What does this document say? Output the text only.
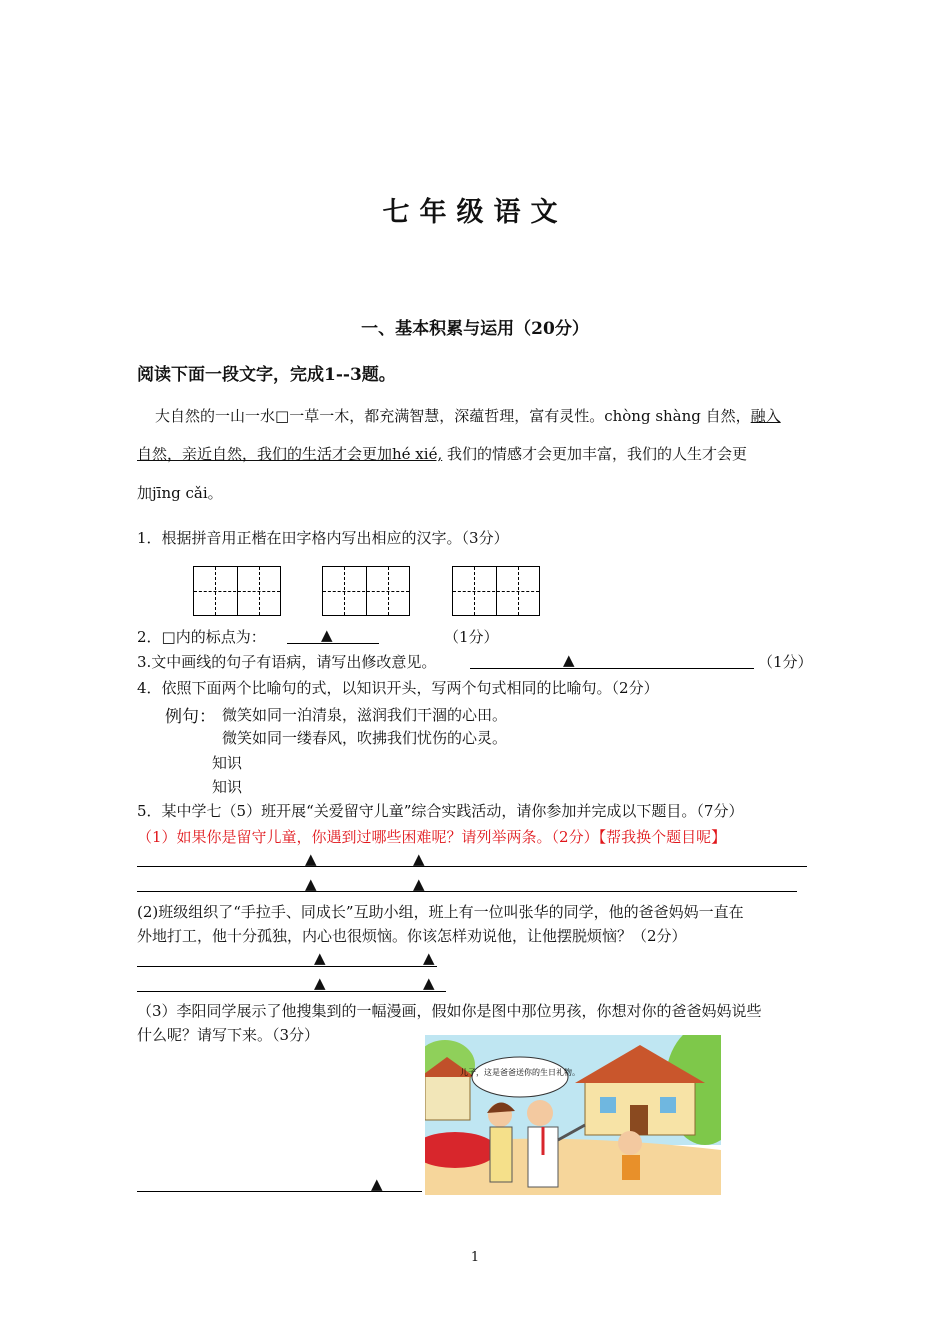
七年级语文
一、基本积累与运用（20分）
阅读下面一段文字，完成1--3题。
大自然的一山一水□一草一木，都充满智慧，深蕴哲理，富有灵性。chòng shàng 自然，融入
自然，亲近自然，我们的生活才会更加hé xié, 我们的情感才会更加丰富，我们的人生才会更
加jīng cǎi。
1．根据拼音用正楷在田字格内写出相应的汉字。（3分）
2．□内的标点为：	▲	（1分）
3.文中画线的句子有语病，请写出修改意见。	▲	（1分）
4．依照下面两个比喻句的式，以知识开头，写两个句式相同的比喻句。（2分）
例句： 微笑如同一泊清泉，滋润我们干涸的心田。
微笑如同一缕春风，吹拂我们忧伤的心灵。
知识
知识
5．某中学七（5）班开展“关爱留守儿童”综合实践活动，请你参加并完成以下题目。（7分）
（1）如果你是留守儿童，你遇到过哪些困难呢？请列举两条。（2分）【帮我换个题目呢】
▲	▲
▲	▲
(2)班级组织了“手拉手、同成长”互助小组，班上有一位叫张华的同学，他的爸爸妈妈一直在
外地打工，他十分孤独，内心也很烦恼。你该怎样劝说他，让他摆脱烦恼？（2分）
▲	▲
▲	▲
（3）李阳同学展示了他搜集到的一幅漫画，假如你是图中那位男孩，你想对你的爸爸妈妈说些
什么呢？请写下来。（3分）
▲
儿子，这是爸爸送你的生日礼物。
1
